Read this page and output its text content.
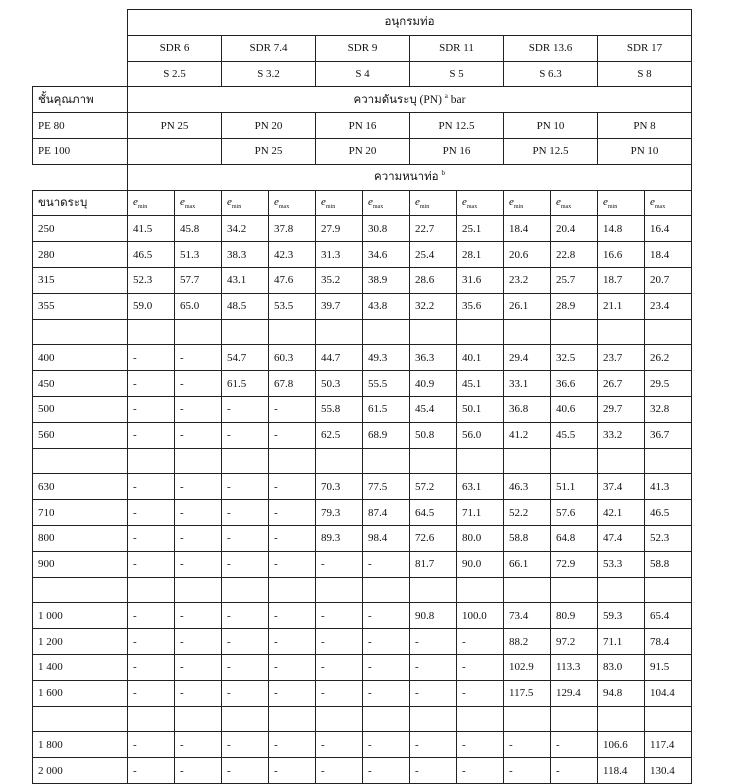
	อนุกรมท่อ											
	SDR 6		SDR 7.4		SDR 9		SDR 11		SDR 13.6		SDR 17	
	S 2.5		S 3.2		S 4		S 5		S 6.3		S 8	
ชั้นคุณภาพ	ความดันระบุ (PN) $^a$ bar											
PE 80	PN 25		PN 20		PN 16		PN 12.5		PN 10		PN 8	
PE 100			PN 25		PN 20		PN 16		PN 12.5		PN 10	
	ความหนาท่อ $^b$
ขนาดระบุ	$e_{min}$	$e_{max}$	$e_{min}$	$e_{max}$	$e_{min}$	$e_{max}$	$e_{min}$	$e_{max}$	$e_{min}$	$e_{max}$	$e_{min}$	$e_{max}$
250	41.5	45.8	34.2	37.8	27.9	30.8	22.7	25.1	18.4	20.4	14.8	16.4
280	46.5	51.3	38.3	42.3	31.3	34.6	25.4	28.1	20.6	22.8	16.6	18.4
315	52.3	57.7	43.1	47.6	35.2	38.9	28.6	31.6	23.2	25.7	18.7	20.7
355	59.0	65.0	48.5	53.5	39.7	43.8	32.2	35.6	26.1	28.9	21.1	23.4

400	-	-	54.7	60.3	44.7	49.3	36.3	40.1	29.4	32.5	23.7	26.2
450	-	-	61.5	67.8	50.3	55.5	40.9	45.1	33.1	36.6	26.7	29.5
500	-	-	-	-	55.8	61.5	45.4	50.1	36.8	40.6	29.7	32.8
560	-	-	-	-	62.5	68.9	50.8	56.0	41.2	45.5	33.2	36.7

630	-	-	-	-	70.3	77.5	57.2	63.1	46.3	51.1	37.4	41.3
710	-	-	-	-	79.3	87.4	64.5	71.1	52.2	57.6	42.1	46.5
800	-	-	-	-	89.3	98.4	72.6	80.0	58.8	64.8	47.4	52.3
900	-	-	-	-	-	-	81.7	90.0	66.1	72.9	53.3	58.8

1 000	-	-	-	-	-	-	90.8	100.0	73.4	80.9	59.3	65.4
1 200	-	-	-	-	-	-	-	-	88.2	97.2	71.1	78.4
1 400	-	-	-	-	-	-	-	-	102.9	113.3	83.0	91.5
1 600	-	-	-	-	-	-	-	-	117.5	129.4	94.8	104.4

1 800	-	-	-	-	-	-	-	-	-	-	106.6	117.4
2 000	-	-	-	-	-	-	-	-	-	-	118.4	130.4
